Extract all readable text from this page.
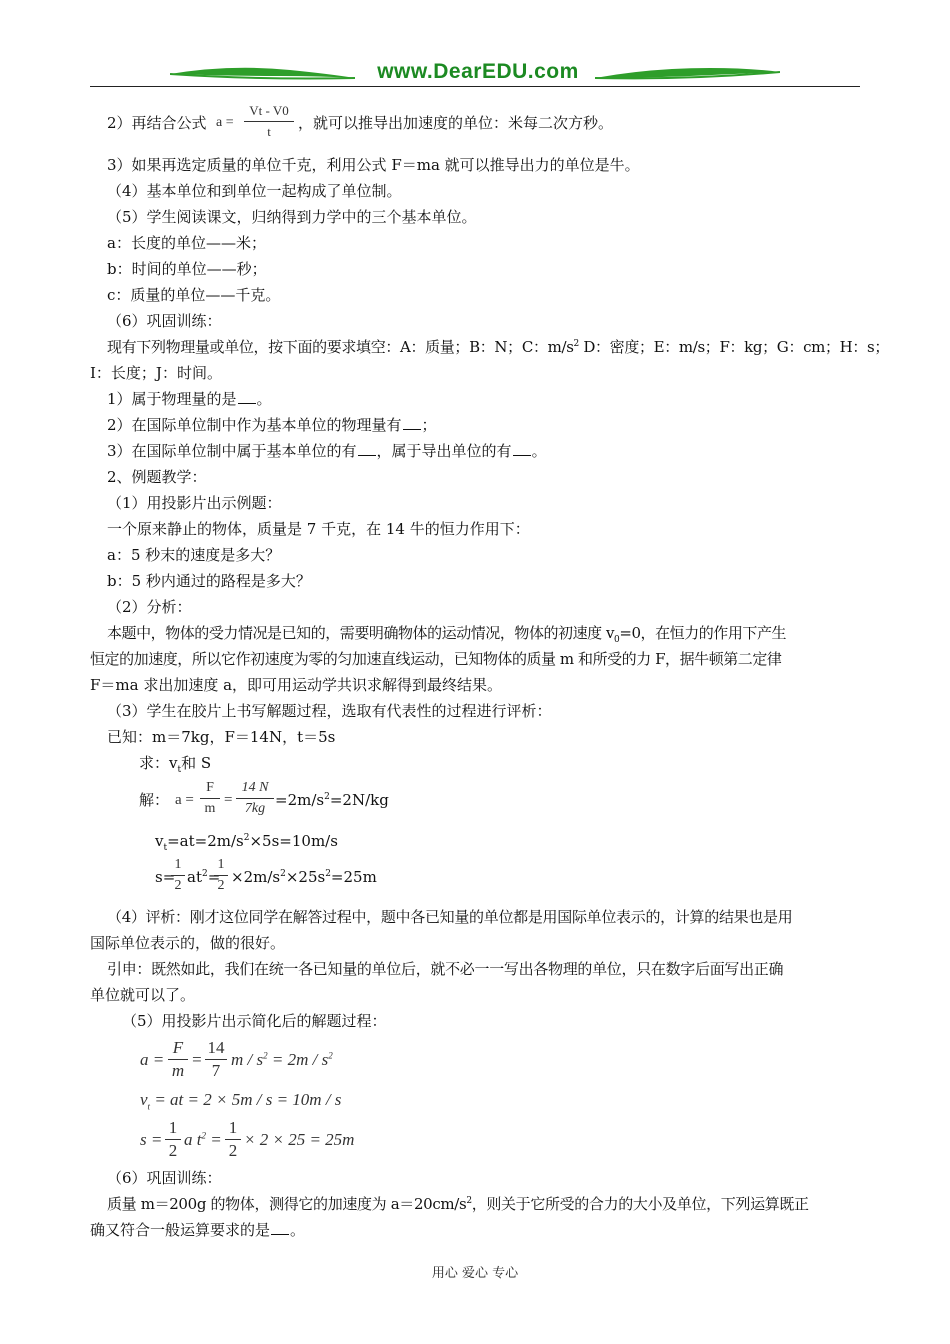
www.DearEDU.com
2）再结合公式 a =
Vt - V0
t	，就可以推导出加速度的单位：米每二次方秒。
3）如果再选定质量的单位千克，利用公式 F＝ma 就可以推导出力的单位是牛。
（4）基本单位和到单位一起构成了单位制。
（5）学生阅读课文，归纳得到力学中的三个基本单位。
a：长度的单位——米；
b：时间的单位——秒；
c：质量的单位——千克。
（6）巩固训练：
现有下列物理量或单位，按下面的要求填空：A：质量；B：N；C：$m/s^2$ D：密度；E：m/s；F：kg；G：cm；H：s；
I：长度；J：时间。
1）属于物理量的是 。
2）在国际单位制中作为基本单位的物理量有 ；
3）在国际单位制中属于基本单位的有 ，属于导出单位的有 。
2、例题教学：
（1）用投影片出示例题：
一个原来静止的物体，质量是 7 千克，在 14 牛的恒力作用下：
a：5 秒末的速度是多大？
b：5 秒内通过的路程是多大？
（2）分析：
本题中，物体的受力情况是已知的，需要明确物体的运动情况，物体的初速度 $v_0=0$，在恒力的作用下产生
恒定的加速度，所以它作初速度为零的匀加速直线运动，已知物体的质量 m 和所受的力 F，据牛顿第二定律
F＝ma 求出加速度 a，即可用运动学共识求解得到最终结果。
（3）学生在胶片上书写解题过程，选取有代表性的过程进行评析：
已知：m＝7kg，F＝14N，t＝5s
求：$v_t$和 S
解： a =
F
m
=
14 N
$7kg =2m/s^2=2N/kg$
$v_t=at=2m/s^2\times 5s=10m/s$
s=
1
2 $at^2=$
1
$2 \times 2m/s^2\times 25s^2=25m$
（4）评析：刚才这位同学在解答过程中，题中各已知量的单位都是用国际单位表示的，计算的结果也是用
国际单位表示的，做的很好。
引申：既然如此，我们在统一各已知量的单位后，就不必一一写出各物理的单位，只在数字后面写出正确
单位就可以了。
（5）用投影片出示简化后的解题过程：
a =
F
m
=
14
7
$m / s^2 = 2m / s^2$
$v_t$ = at = 2 × 5m / s = 10m / s
s =
1
2
a $t^2$ =
1
2
× 2 × 25 = 25m
（6）巩固训练：
质量 m＝200g 的物体，测得它的加速度为 $a=20cm/s^2$，则关于它所受的合力的大小及单位，下列运算既正
确又符合一般运算要求的是 。
用心 爱心 专心
